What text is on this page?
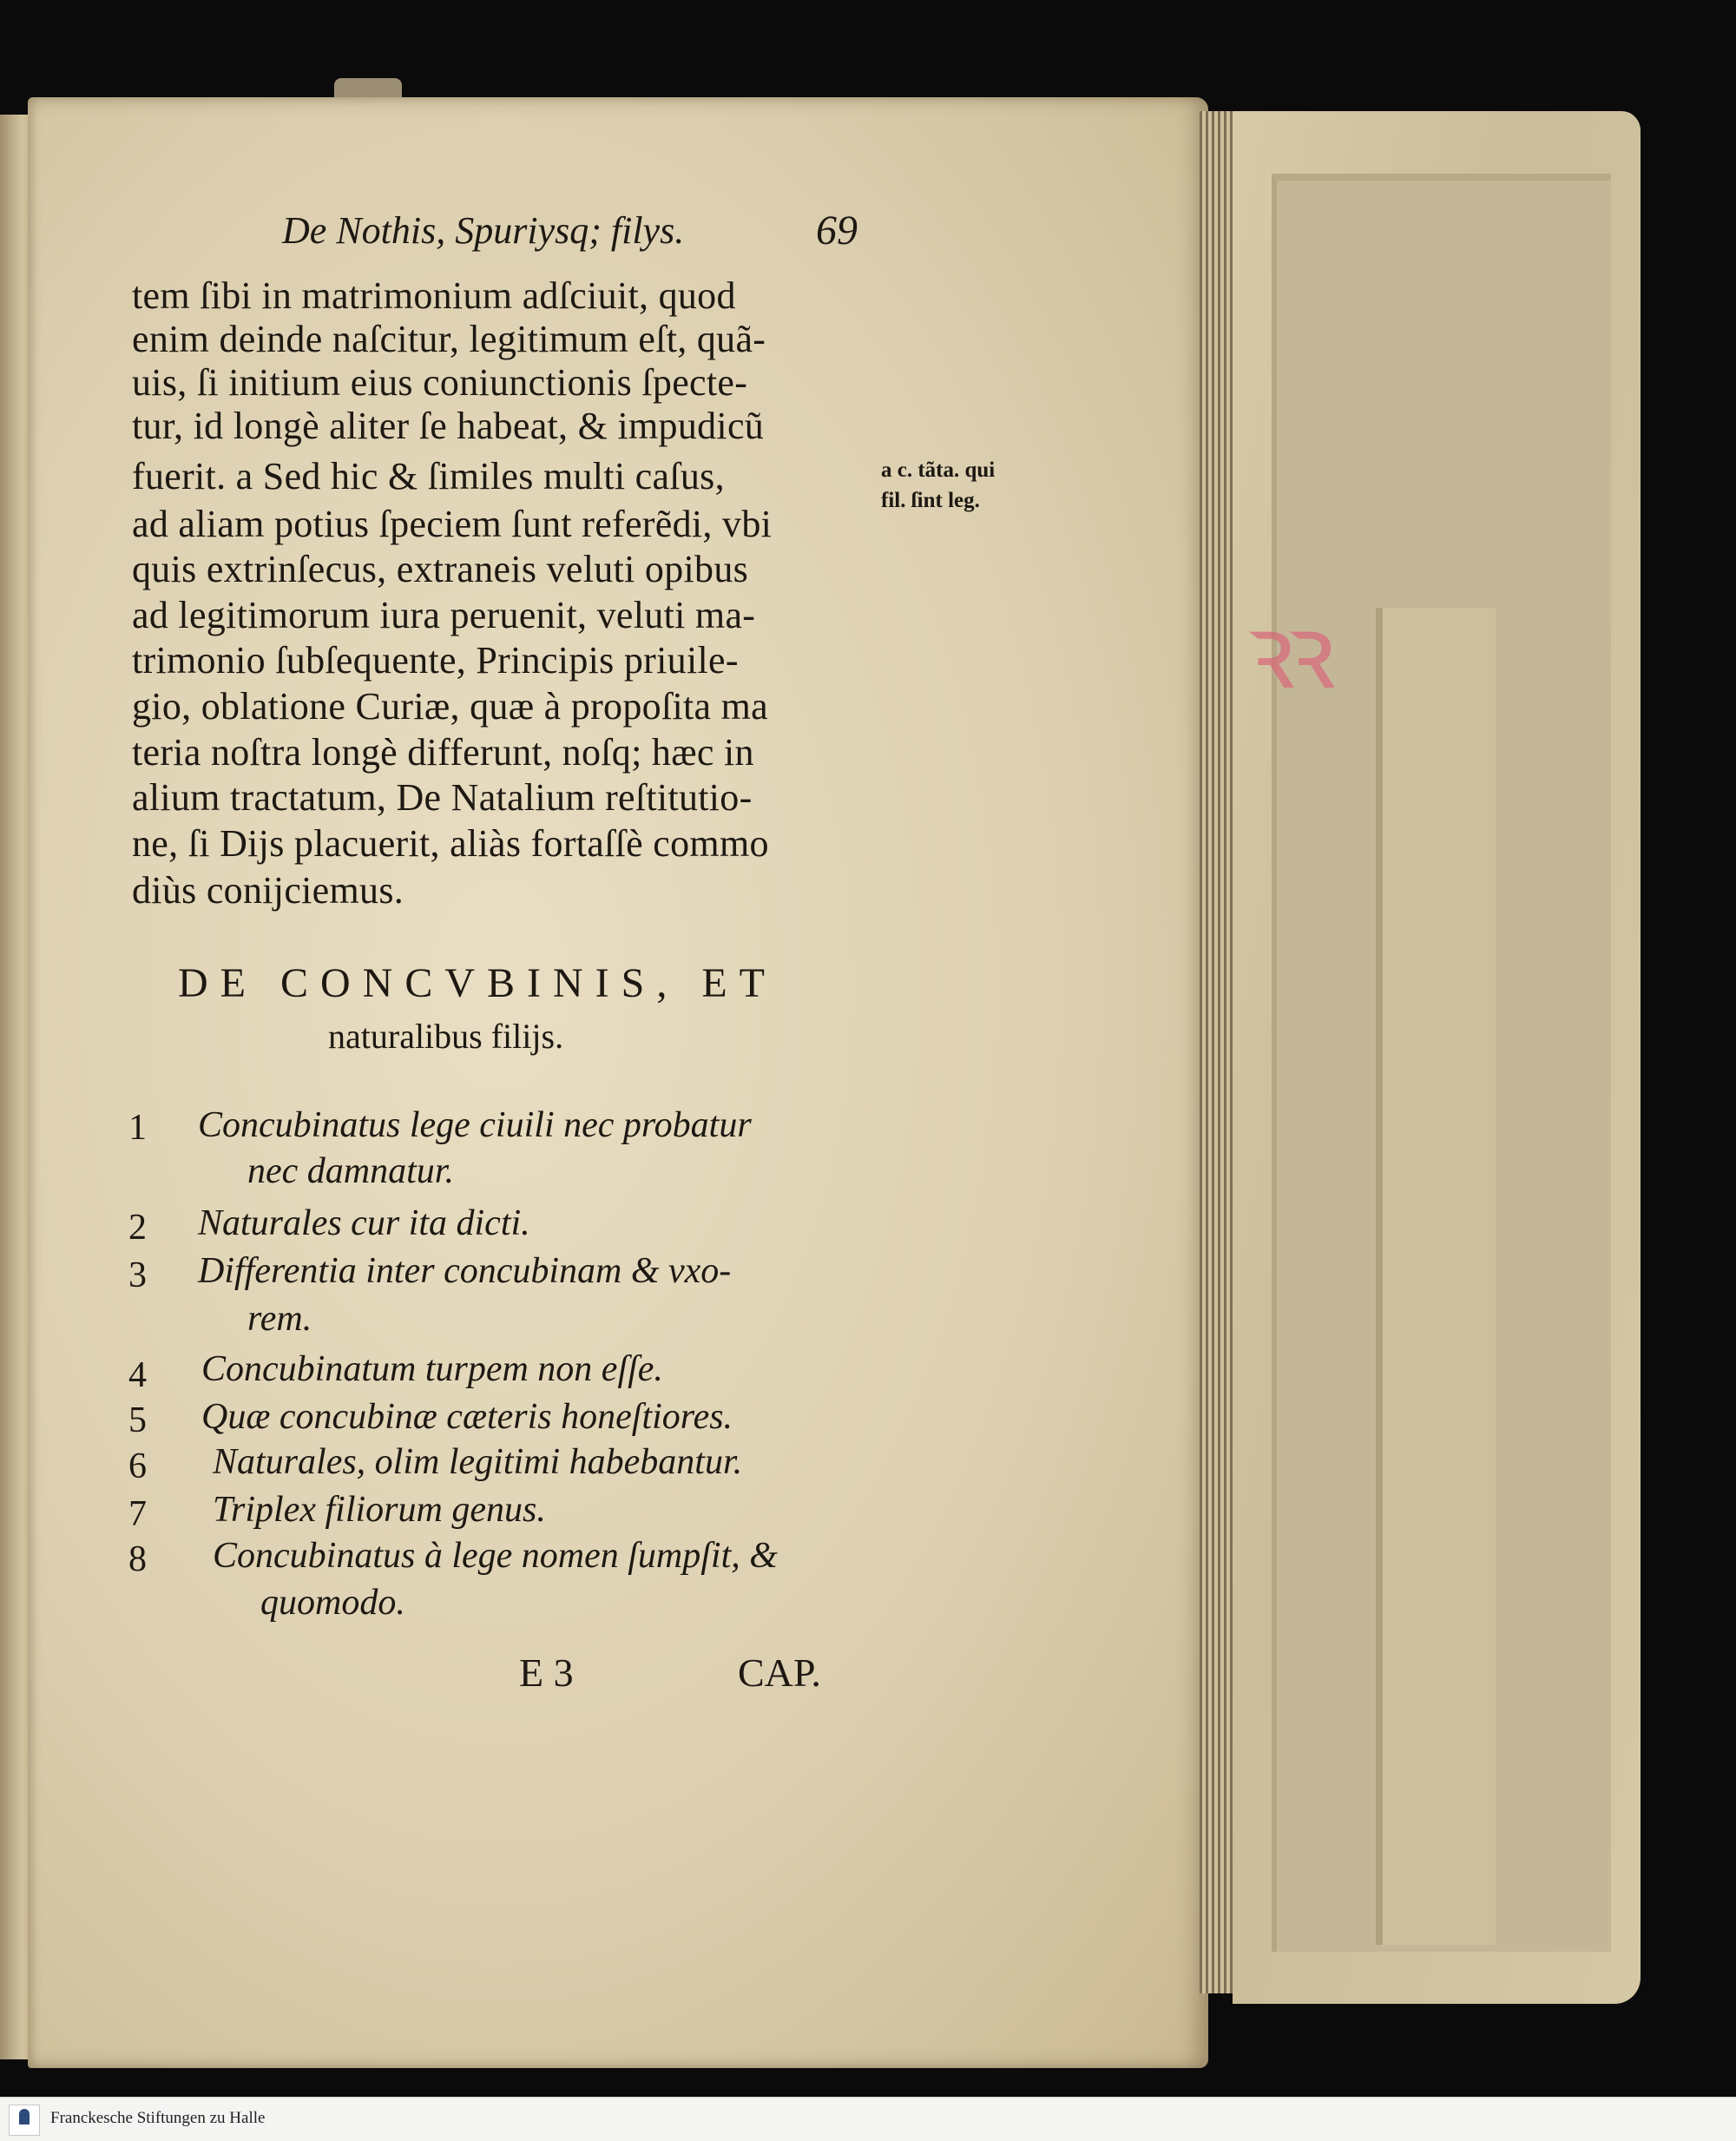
ꝛꝛ
De Nothis, Spuriysq; filys.	69
tem ſibi in matrimonium adſciuit, quod
enim deinde naſcitur, legitimum eſt, quã-
uis, ſi initium eius coniunctionis ſpecte-
tur, id longè aliter ſe habeat, & impudicũ
fuerit. a Sed hic & ſimiles multi caſus,
ad aliam potius ſpeciem ſunt referẽdi, vbi
quis extrinſecus, extraneis veluti opibus
ad legitimorum iura peruenit, veluti ma-
trimonio ſubſequente, Principis priuile-
gio, oblatione Curiæ, quæ à propoſita ma
teria noſtra longè differunt, noſq; hæc in
alium tractatum, De Natalium reſtitutio-
ne, ſi Dijs placuerit, aliàs fortaſſè commo
diùs conijciemus.
a c. tãta. qui
fil. ſint leg.
DE CONCVBINIS, ET
naturalibus filijs.
1 Concubinatus lege ciuili nec probatur
nec damnatur.
2 Naturales cur ita dicti.
3 Differentia inter concubinam & vxo-
rem.
4 Concubinatum turpem non eſſe.
5 Quæ concubinæ cæteris honeſtiores.
6 Naturales, olim legitimi habebantur.
7 Triplex filiorum genus.
8 Concubinatus à lege nomen ſumpſit, &
quomodo.
E 3	CAP.
Franckesche Stiftungen zu Halle
